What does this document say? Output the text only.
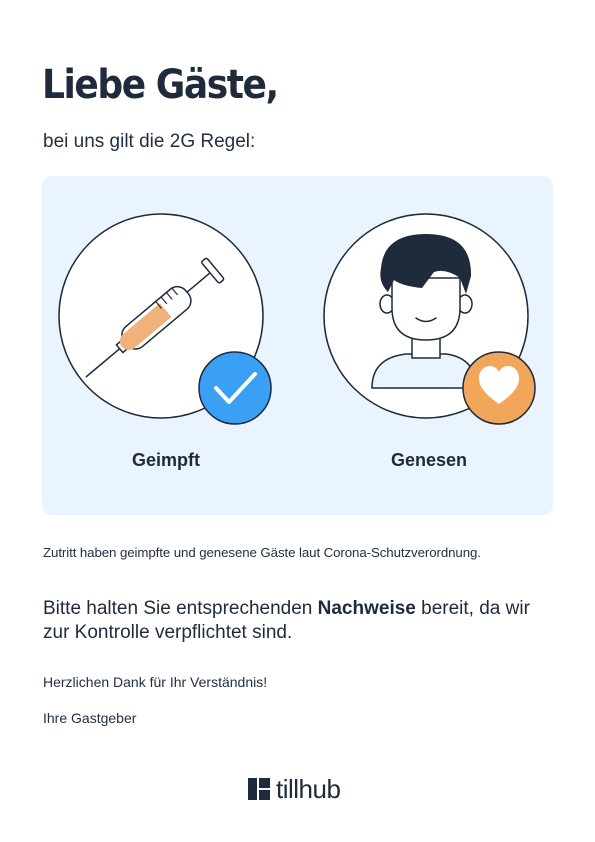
Liebe Gäste,
bei uns gilt die 2G Regel:
Geimpft	Genesen
Zutritt haben geimpfte und genesene Gäste laut Corona-Schutzverordnung.
Bitte halten Sie entsprechenden Nachweise bereit, da wir zur Kontrolle verpflichtet sind.
Herzlichen Dank für Ihr Verständnis!
Ihre Gastgeber
tillhub
